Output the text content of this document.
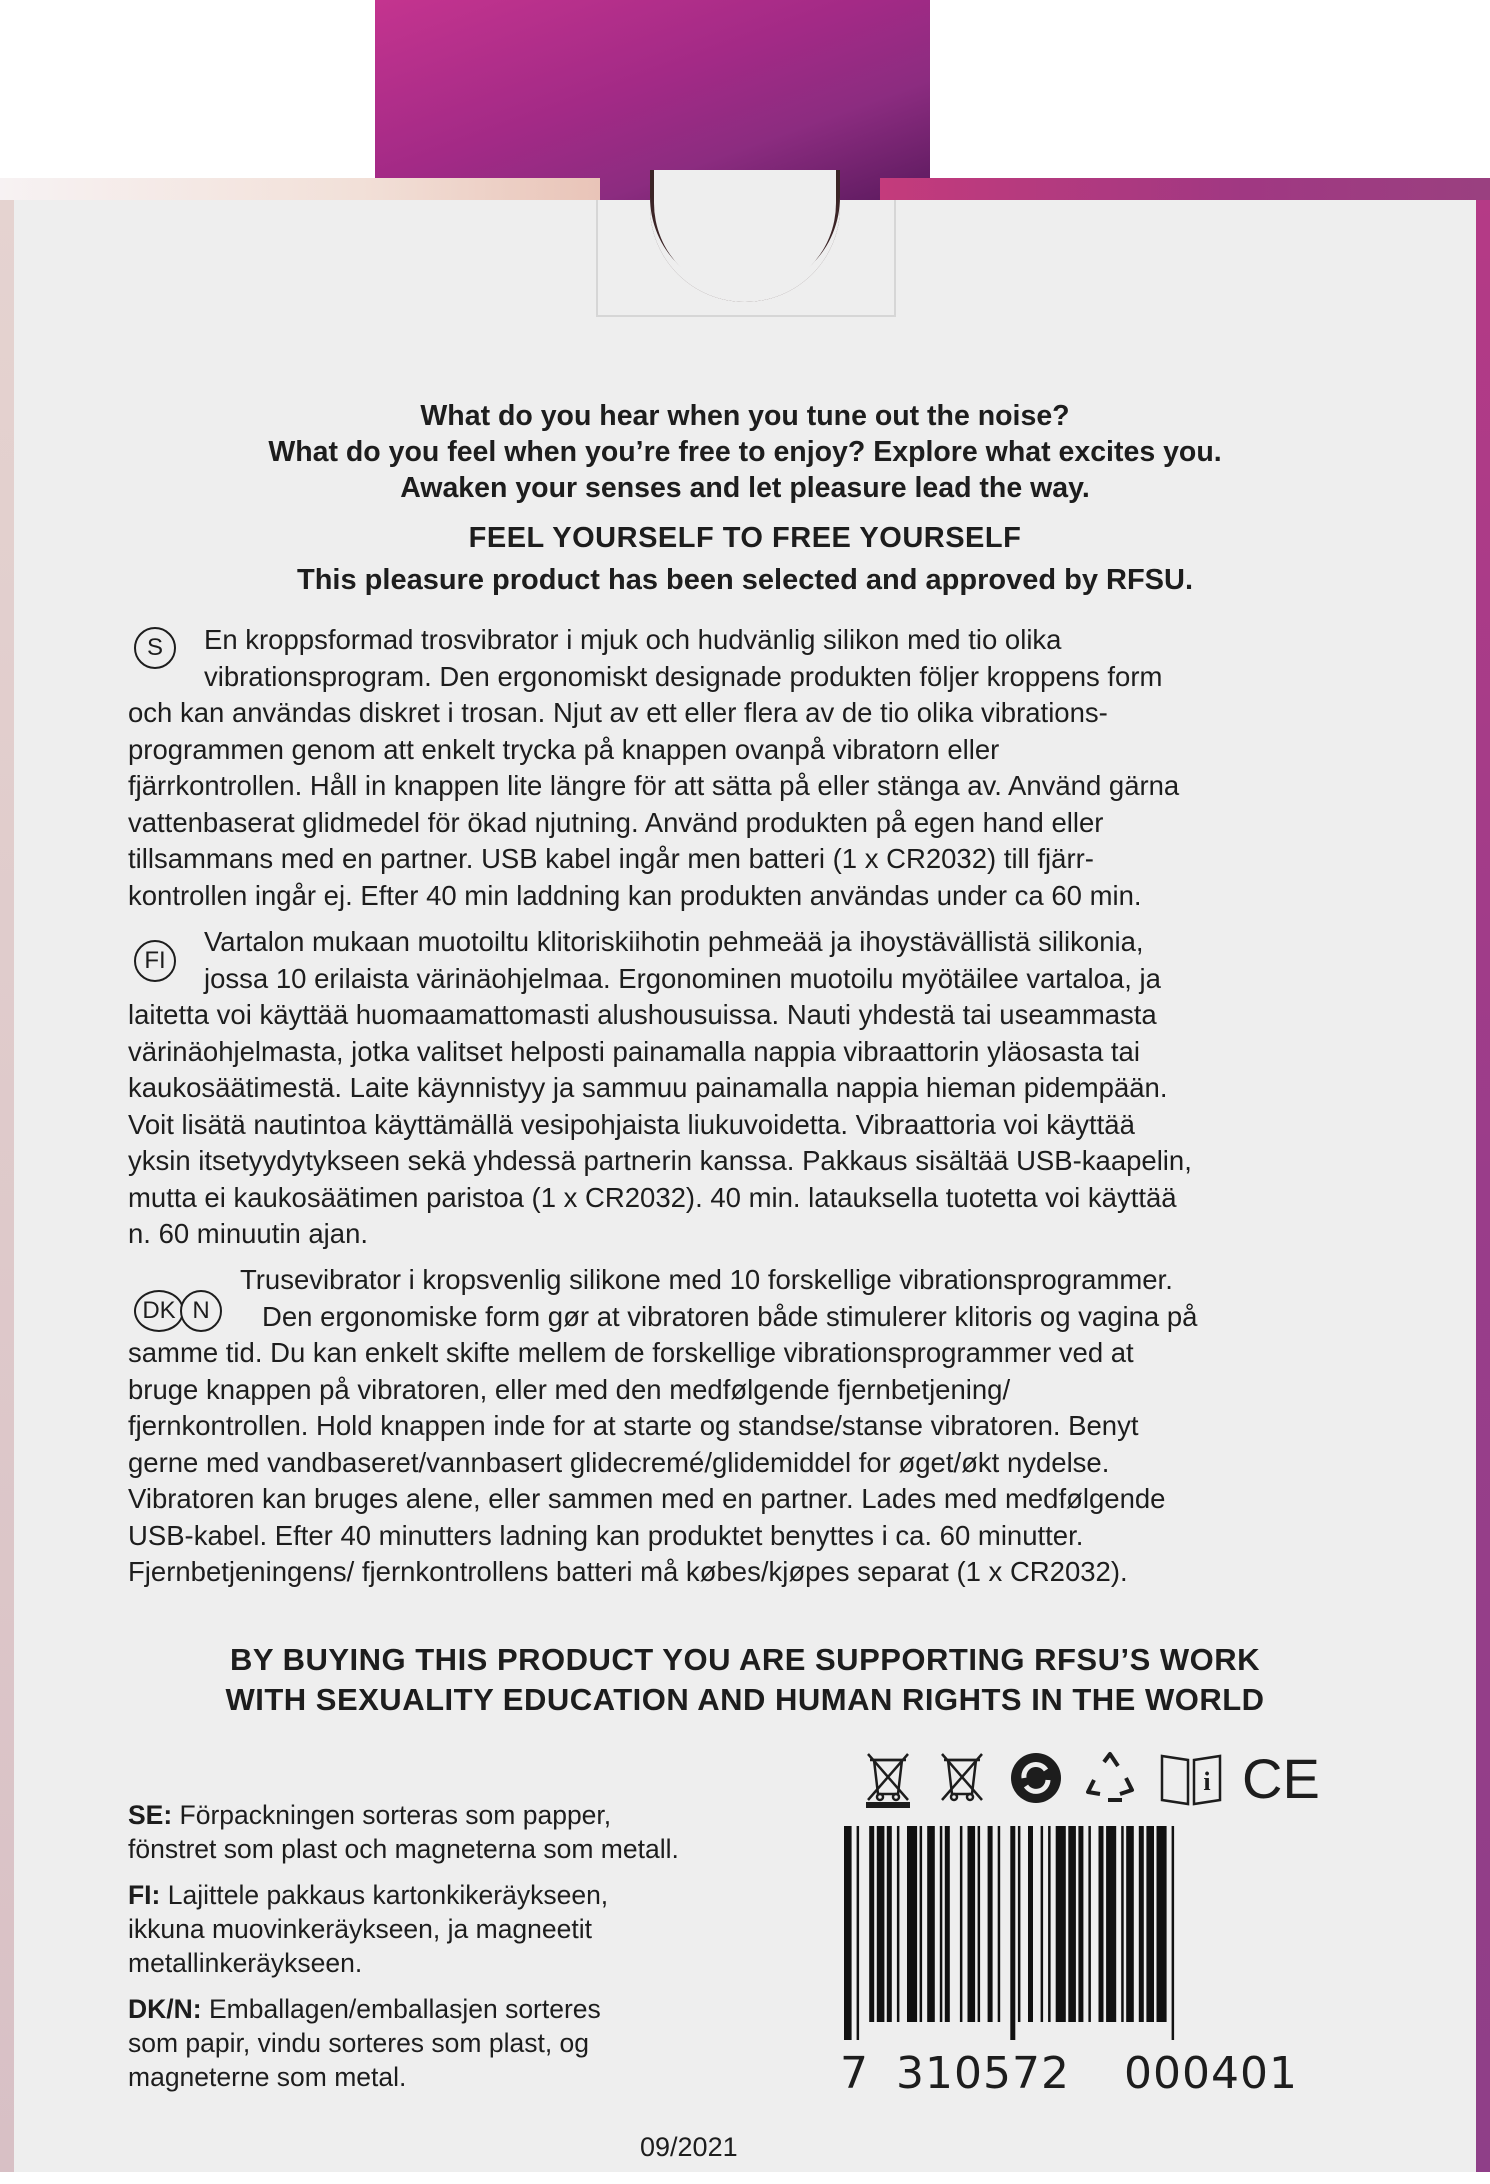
What do you hear when you tune out the noise?
What do you feel when you’re free to enjoy? Explore what excites you.
Awaken your senses and let pleasure lead the way.
FEEL YOURSELF TO FREE YOURSELF
This pleasure product has been selected and approved by RFSU.
S	En kroppsformad trosvibrator i mjuk och hudvänlig silikon med tio olika
vibrationsprogram. Den ergonomiskt designade produkten följer kroppens form
och kan användas diskret i trosan. Njut av ett eller flera av de tio olika vibrations-
programmen genom att enkelt trycka på knappen ovanpå vibratorn eller
fjärrkontrollen. Håll in knappen lite längre för att sätta på eller stänga av. Använd gärna
vattenbaserat glidmedel för ökad njutning. Använd produkten på egen hand eller
tillsammans med en partner. USB kabel ingår men batteri (1 x CR2032) till fjärr-
kontrollen ingår ej. Efter 40 min laddning kan produkten användas under ca 60 min.
FI
Vartalon mukaan muotoiltu klitoriskiihotin pehmeää ja ihoystävällistä silikonia,
jossa 10 erilaista värinäohjelmaa. Ergonominen muotoilu myötäilee vartaloa, ja
laitetta voi käyttää huomaamattomasti alushousuissa. Nauti yhdestä tai useammasta
värinäohjelmasta, jotka valitset helposti painamalla nappia vibraattorin yläosasta tai
kaukosäätimestä. Laite käynnistyy ja sammuu painamalla nappia hieman pidempään.
Voit lisätä nautintoa käyttämällä vesipohjaista liukuvoidetta. Vibraattoria voi käyttää
yksin itsetyydytykseen sekä yhdessä partnerin kanssa. Pakkaus sisältää USB-kaapelin,
mutta ei kaukosäätimen paristoa (1 x CR2032). 40 min. latauksella tuotetta voi käyttää
n. 60 minuutin ajan.
DK N
Trusevibrator i kropsvenlig silikone med 10 forskellige vibrationsprogrammer.
Den ergonomiske form gør at vibratoren både stimulerer klitoris og vagina på
samme tid. Du kan enkelt skifte mellem de forskellige vibrationsprogrammer ved at
bruge knappen på vibratoren, eller med den medfølgende fjernbetjening/
fjernkontrollen. Hold knappen inde for at starte og standse/stanse vibratoren. Benyt
gerne med vandbaseret/vannbasert glidecremé/glidemiddel for øget/økt nydelse.
Vibratoren kan bruges alene, eller sammen med en partner. Lades med medfølgende
USB-kabel. Efter 40 minutters ladning kan produktet benyttes i ca. 60 minutter.
Fjernbetjeningens/ fjernkontrollens batteri må købes/kjøpes separat (1 x CR2032).
BY BUYING THIS PRODUCT YOU ARE SUPPORTING RFSU’S WORK
WITH SEXUALITY EDUCATION AND HUMAN RIGHTS IN THE WORLD
SE: Förpackningen sorteras som papper,
fönstret som plast och magneterna som metall.
FI: Lajittele pakkaus kartonkikeräykseen,
ikkuna muovinkeräykseen, ja magneetit
metallinkeräykseen.
DK/N: Emballagen/emballasjen sorteres
som papir, vindu sorteres som plast, og
magneterne som metal.
09/2021
i CE
7 310572 000401
